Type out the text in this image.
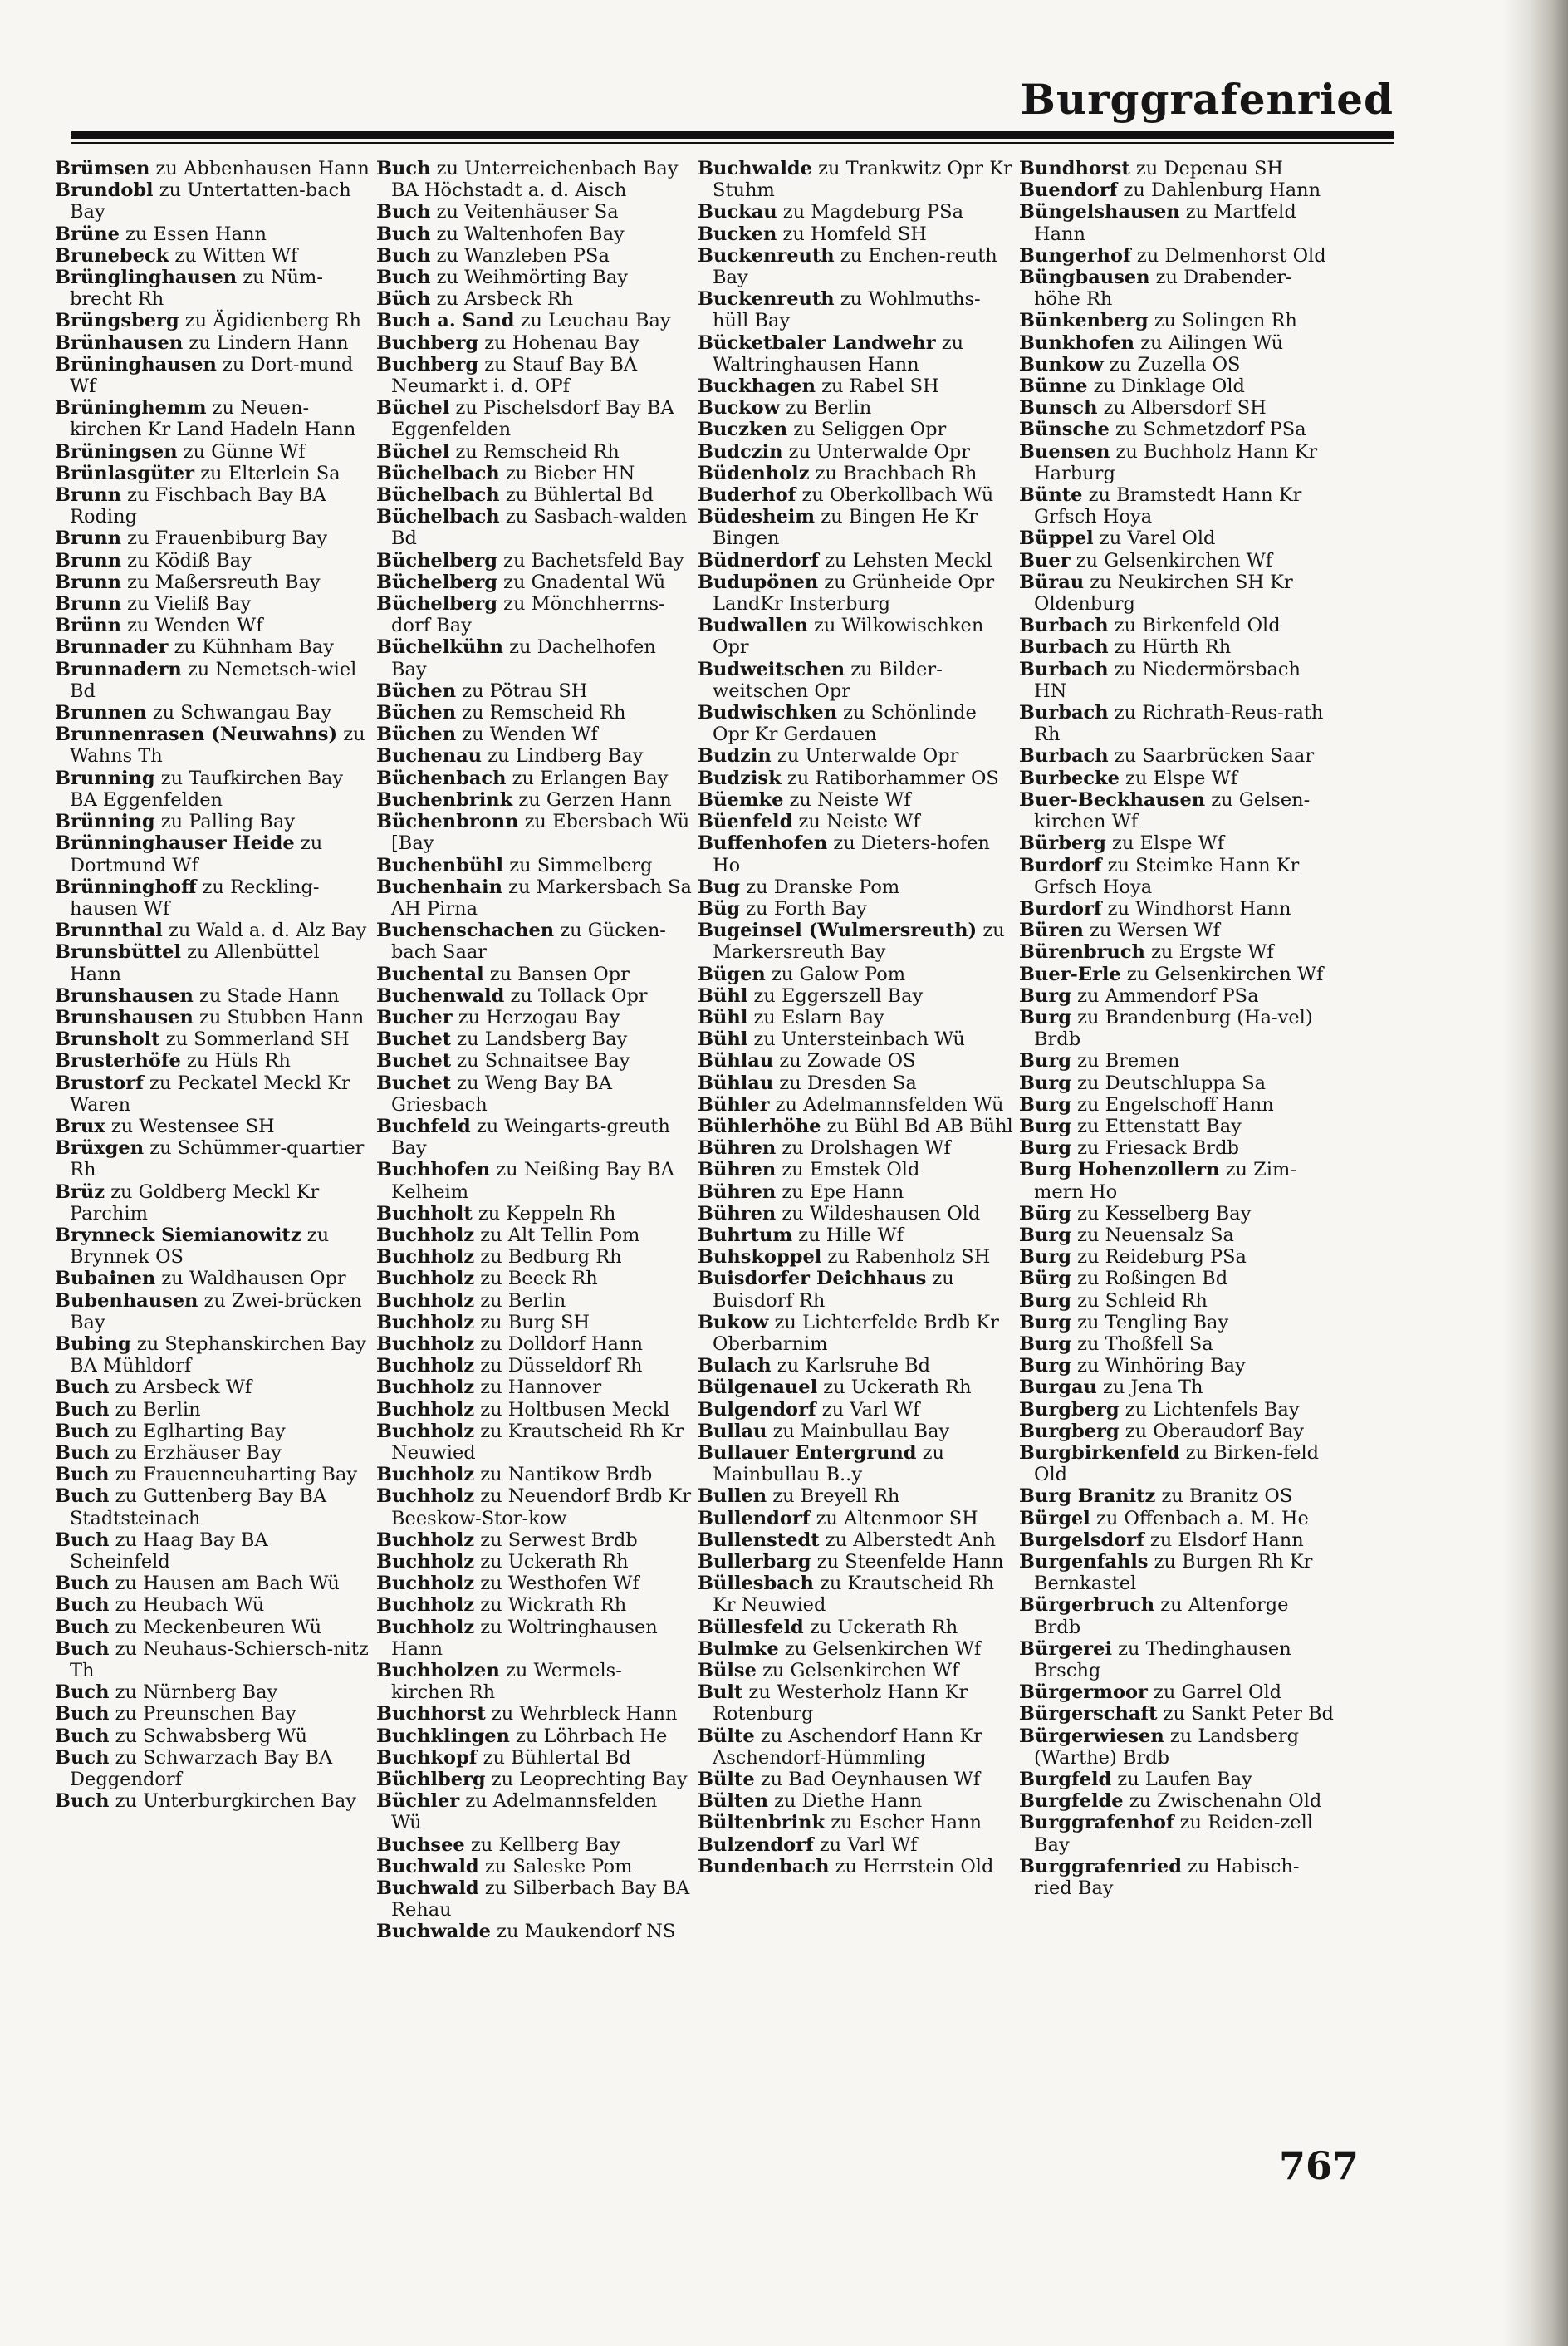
Burggrafenried
Brümsen zu Abbenhausen Hann
Brundobl zu Untertatten-bach Bay
Brüne zu Essen Hann
Brunebeck zu Witten Wf
Brünglinghausen zu Nüm-brecht Rh
Brüngsberg zu Ägidienberg Rh
Brünhausen zu Lindern Hann
Brüninghausen zu Dort-mund Wf
Brüninghemm zu Neuen-kirchen Kr Land Hadeln Hann
Brüningsen zu Günne Wf
Brünlasgüter zu Elterlein Sa
Brunn zu Fischbach Bay BA Roding
Brunn zu Frauenbiburg Bay
Brunn zu Ködiß Bay
Brunn zu Maßersreuth Bay
Brunn zu Vieliß Bay
Brünn zu Wenden Wf
Brunnader zu Kühnham Bay
Brunnadern zu Nemetsch-wiel Bd
Brunnen zu Schwangau Bay
Brunnenrasen (Neuwahns) zu Wahns Th
Brunning zu Taufkirchen Bay BA Eggenfelden
Brünning zu Palling Bay
Brünninghauser Heide zu Dortmund Wf
Brünninghoff zu Reckling-hausen Wf
Brunnthal zu Wald a. d. Alz Bay
Brunsbüttel zu Allenbüttel Hann
Brunshausen zu Stade Hann
Brunshausen zu Stubben Hann
Brunsholt zu Sommerland SH
Brusterhöfe zu Hüls Rh
Brustorf zu Peckatel Meckl Kr Waren
Brux zu Westensee SH
Brüxgen zu Schümmer-quartier Rh
Brüz zu Goldberg Meckl Kr Parchim
Brynneck Siemianowitz zu Brynnek OS
Bubainen zu Waldhausen Opr
Bubenhausen zu Zwei-brücken Bay
Bubing zu Stephanskirchen Bay BA Mühldorf
Buch zu Arsbeck Wf
Buch zu Berlin
Buch zu Eglharting Bay
Buch zu Erzhäuser Bay
Buch zu Frauenneuharting Bay
Buch zu Guttenberg Bay BA Stadtsteinach
Buch zu Haag Bay BA Scheinfeld
Buch zu Hausen am Bach Wü
Buch zu Heubach Wü
Buch zu Meckenbeuren Wü
Buch zu Neuhaus-Schiersch-nitz Th
Buch zu Nürnberg Bay
Buch zu Preunschen Bay
Buch zu Schwabsberg Wü
Buch zu Schwarzach Bay BA Deggendorf
Buch zu Unterburgkirchen Bay
Buch zu Unterreichenbach Bay BA Höchstadt a. d. Aisch
Buch zu Veitenhäuser Sa
Buch zu Waltenhofen Bay
Buch zu Wanzleben PSa
Buch zu Weihmörting Bay
Büch zu Arsbeck Rh
Buch a. Sand zu Leuchau Bay
Buchberg zu Hohenau Bay
Buchberg zu Stauf Bay BA Neumarkt i. d. OPf
Büchel zu Pischelsdorf Bay BA Eggenfelden
Büchel zu Remscheid Rh
Büchelbach zu Bieber HN
Büchelbach zu Bühlertal Bd
Büchelbach zu Sasbach-walden Bd
Büchelberg zu Bachetsfeld Bay
Büchelberg zu Gnadental Wü
Büchelberg zu Mönchherrns-dorf Bay
Büchelkühn zu Dachelhofen Bay
Büchen zu Pötrau SH
Büchen zu Remscheid Rh
Büchen zu Wenden Wf
Buchenau zu Lindberg Bay
Büchenbach zu Erlangen Bay
Buchenbrink zu Gerzen Hann
Büchenbronn zu Ebersbach Wü [Bay
Buchenbühl zu Simmelberg
Buchenhain zu Markersbach Sa AH Pirna
Buchenschachen zu Gücken-bach Saar
Buchental zu Bansen Opr
Buchenwald zu Tollack Opr
Bucher zu Herzogau Bay
Buchet zu Landsberg Bay
Buchet zu Schnaitsee Bay
Buchet zu Weng Bay BA Griesbach
Buchfeld zu Weingarts-greuth Bay
Buchhofen zu Neißing Bay BA Kelheim
Buchholt zu Keppeln Rh
Buchholz zu Alt Tellin Pom
Buchholz zu Bedburg Rh
Buchholz zu Beeck Rh
Buchholz zu Berlin
Buchholz zu Burg SH
Buchholz zu Dolldorf Hann
Buchholz zu Düsseldorf Rh
Buchholz zu Hannover
Buchholz zu Holtbusen Meckl
Buchholz zu Krautscheid Rh Kr Neuwied
Buchholz zu Nantikow Brdb
Buchholz zu Neuendorf Brdb Kr Beeskow-Stor-kow
Buchholz zu Serwest Brdb
Buchholz zu Uckerath Rh
Buchholz zu Westhofen Wf
Buchholz zu Wickrath Rh
Buchholz zu Woltringhausen Hann
Buchholzen zu Wermels-kirchen Rh
Buchhorst zu Wehrbleck Hann
Buchklingen zu Löhrbach He
Buchkopf zu Bühlertal Bd
Büchlberg zu Leoprechting Bay
Büchler zu Adelmannsfelden Wü
Buchsee zu Kellberg Bay
Buchwald zu Saleske Pom
Buchwald zu Silberbach Bay BA Rehau
Buchwalde zu Maukendorf NS
Buchwalde zu Trankwitz Opr Kr Stuhm
Buckau zu Magdeburg PSa
Bucken zu Homfeld SH
Buckenreuth zu Enchen-reuth Bay
Buckenreuth zu Wohlmuths-hüll Bay
Bücketbaler Landwehr zu Waltringhausen Hann
Buckhagen zu Rabel SH
Buckow zu Berlin
Buczken zu Seliggen Opr
Budczin zu Unterwalde Opr
Büdenholz zu Brachbach Rh
Buderhof zu Oberkollbach Wü
Büdesheim zu Bingen He Kr Bingen
Büdnerdorf zu Lehsten Meckl
Budupönen zu Grünheide Opr LandKr Insterburg
Budwallen zu Wilkowischken Opr
Budweitschen zu Bilder-weitschen Opr
Budwischken zu Schönlinde Opr Kr Gerdauen
Budzin zu Unterwalde Opr
Budzisk zu Ratiborhammer OS
Büemke zu Neiste Wf
Büenfeld zu Neiste Wf
Buffenhofen zu Dieters-hofen Ho
Bug zu Dranske Pom
Büg zu Forth Bay
Bugeinsel (Wulmersreuth) zu Markersreuth Bay
Bügen zu Galow Pom
Bühl zu Eggerszell Bay
Bühl zu Eslarn Bay
Bühl zu Untersteinbach Wü
Bühlau zu Zowade OS
Bühlau zu Dresden Sa
Bühler zu Adelmannsfelden Wü
Bühlerhöhe zu Bühl Bd AB Bühl
Bühren zu Drolshagen Wf
Bühren zu Emstek Old
Bühren zu Epe Hann
Bühren zu Wildeshausen Old
Buhrtum zu Hille Wf
Buhskoppel zu Rabenholz SH
Buisdorfer Deichhaus zu Buisdorf Rh
Bukow zu Lichterfelde Brdb Kr Oberbarnim
Bulach zu Karlsruhe Bd
Bülgenauel zu Uckerath Rh
Bulgendorf zu Varl Wf
Bullau zu Mainbullau Bay
Bullauer Entergrund zu Mainbullau B..y
Bullen zu Breyell Rh
Bullendorf zu Altenmoor SH
Bullenstedt zu Alberstedt Anh
Bullerbarg zu Steenfelde Hann
Büllesbach zu Krautscheid Rh Kr Neuwied
Büllesfeld zu Uckerath Rh
Bulmke zu Gelsenkirchen Wf
Bülse zu Gelsenkirchen Wf
Bult zu Westerholz Hann Kr Rotenburg
Bülte zu Aschendorf Hann Kr Aschendorf-Hümmling
Bülte zu Bad Oeynhausen Wf
Bülten zu Diethe Hann
Bültenbrink zu Escher Hann
Bulzendorf zu Varl Wf
Bundenbach zu Herrstein Old
Bundhorst zu Depenau SH
Buendorf zu Dahlenburg Hann
Büngelshausen zu Martfeld Hann
Bungerhof zu Delmenhorst Old
Büngbausen zu Drabender-höhe Rh
Bünkenberg zu Solingen Rh
Bunkhofen zu Ailingen Wü
Bunkow zu Zuzella OS
Bünne zu Dinklage Old
Bunsch zu Albersdorf SH
Bünsche zu Schmetzdorf PSa
Buensen zu Buchholz Hann Kr Harburg
Bünte zu Bramstedt Hann Kr Grfsch Hoya
Büppel zu Varel Old
Buer zu Gelsenkirchen Wf
Bürau zu Neukirchen SH Kr Oldenburg
Burbach zu Birkenfeld Old
Burbach zu Hürth Rh
Burbach zu Niedermörsbach HN
Burbach zu Richrath-Reus-rath Rh
Burbach zu Saarbrücken Saar
Burbecke zu Elspe Wf
Buer-Beckhausen zu Gelsen-kirchen Wf
Bürberg zu Elspe Wf
Burdorf zu Steimke Hann Kr Grfsch Hoya
Burdorf zu Windhorst Hann
Büren zu Wersen Wf
Bürenbruch zu Ergste Wf
Buer-Erle zu Gelsenkirchen Wf
Burg zu Ammendorf PSa
Burg zu Brandenburg (Ha-vel) Brdb
Burg zu Bremen
Burg zu Deutschluppa Sa
Burg zu Engelschoff Hann
Burg zu Ettenstatt Bay
Burg zu Friesack Brdb
Burg Hohenzollern zu Zim-mern Ho
Bürg zu Kesselberg Bay
Burg zu Neuensalz Sa
Burg zu Reideburg PSa
Bürg zu Roßingen Bd
Burg zu Schleid Rh
Burg zu Tengling Bay
Burg zu Thoßfell Sa
Burg zu Winhöring Bay
Burgau zu Jena Th
Burgberg zu Lichtenfels Bay
Burgberg zu Oberaudorf Bay
Burgbirkenfeld zu Birken-feld Old
Burg Branitz zu Branitz OS
Bürgel zu Offenbach a. M. He
Burgelsdorf zu Elsdorf Hann
Burgenfahls zu Burgen Rh Kr Bernkastel
Bürgerbruch zu Altenforge Brdb
Bürgerei zu Thedinghausen Brschg
Bürgermoor zu Garrel Old
Bürgerschaft zu Sankt Peter Bd
Bürgerwiesen zu Landsberg (Warthe) Brdb
Burgfeld zu Laufen Bay
Burgfelde zu Zwischenahn Old
Burggrafenhof zu Reiden-zell Bay
Burggrafenried zu Habisch-ried Bay
767
